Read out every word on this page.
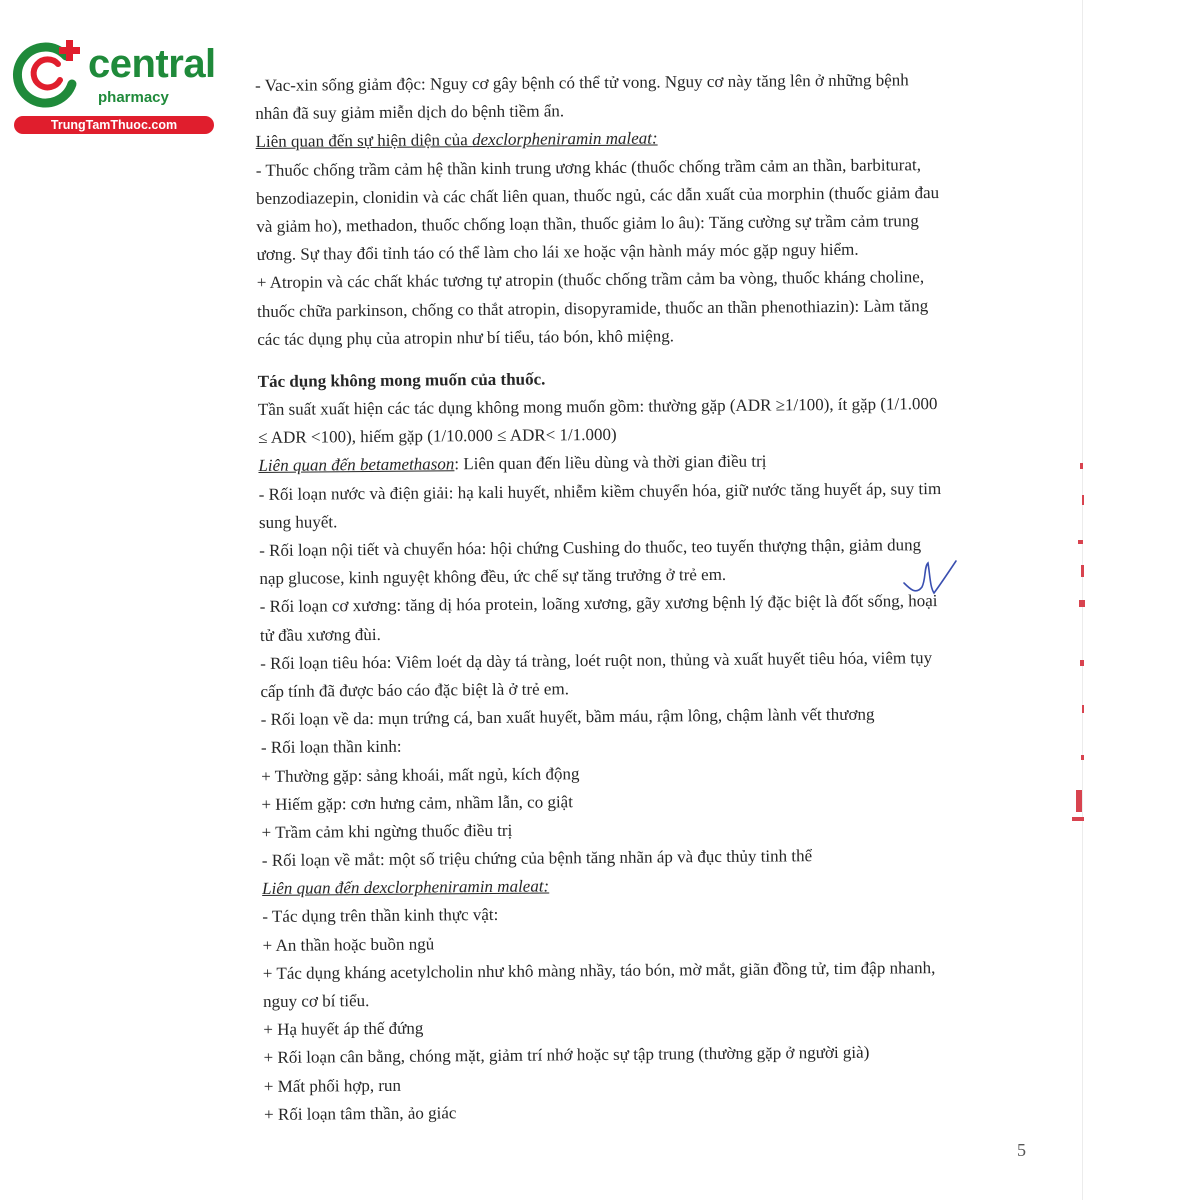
central
pharmacy
TrungTamThuoc.com
- Vac-xin sống giảm độc: Nguy cơ gây bệnh có thể tử vong. Nguy cơ này tăng lên ở những bệnh
nhân đã suy giảm miễn dịch do bệnh tiềm ẩn.
Liên quan đến sự hiện diện của dexclorpheniramin maleat:
- Thuốc chống trầm cảm hệ thần kinh trung ương khác (thuốc chống trầm cảm an thần, barbiturat,
benzodiazepin, clonidin và các chất liên quan, thuốc ngủ, các dẫn xuất của morphin (thuốc giảm đau
và giảm ho), methadon, thuốc chống loạn thần, thuốc giảm lo âu): Tăng cường sự trầm cảm trung
ương. Sự thay đổi tỉnh táo có thể làm cho lái xe hoặc vận hành máy móc gặp nguy hiểm.
+ Atropin và các chất khác tương tự atropin (thuốc chống trầm cảm ba vòng, thuốc kháng choline,
thuốc chữa parkinson, chống co thắt atropin, disopyramide, thuốc an thần phenothiazin): Làm tăng
các tác dụng phụ của atropin như bí tiểu, táo bón, khô miệng.
Tác dụng không mong muốn của thuốc.
Tần suất xuất hiện các tác dụng không mong muốn gồm: thường gặp (ADR ≥1/100), ít gặp (1/1.000
≤ ADR <100), hiếm gặp (1/10.000 ≤ ADR< 1/1.000)
Liên quan đến betamethason: Liên quan đến liều dùng và thời gian điều trị
- Rối loạn nước và điện giải: hạ kali huyết, nhiễm kiềm chuyển hóa, giữ nước tăng huyết áp, suy tim
sung huyết.
- Rối loạn nội tiết và chuyển hóa: hội chứng Cushing do thuốc, teo tuyến thượng thận, giảm dung
nạp glucose, kinh nguyệt không đều, ức chế sự tăng trưởng ở trẻ em.
- Rối loạn cơ xương: tăng dị hóa protein, loãng xương, gãy xương bệnh lý đặc biệt là đốt sống, hoại
tử đầu xương đùi.
- Rối loạn tiêu hóa: Viêm loét dạ dày tá tràng, loét ruột non, thủng và xuất huyết tiêu hóa, viêm tụy
cấp tính đã được báo cáo đặc biệt là ở trẻ em.
- Rối loạn về da: mụn trứng cá, ban xuất huyết, bầm máu, rậm lông, chậm lành vết thương
- Rối loạn thần kinh:
+ Thường gặp: sảng khoái, mất ngủ, kích động
+ Hiếm gặp: cơn hưng cảm, nhầm lẫn, co giật
+ Trầm cảm khi ngừng thuốc điều trị
- Rối loạn về mắt: một số triệu chứng của bệnh tăng nhãn áp và đục thủy tinh thể
Liên quan đến dexclorpheniramin maleat:
- Tác dụng trên thần kinh thực vật:
+ An thần hoặc buồn ngủ
+ Tác dụng kháng acetylcholin như khô màng nhầy, táo bón, mờ mắt, giãn đồng tử, tim đập nhanh,
nguy cơ bí tiểu.
+ Hạ huyết áp thế đứng
+ Rối loạn cân bằng, chóng mặt, giảm trí nhớ hoặc sự tập trung (thường gặp ở người già)
+ Mất phối hợp, run
+ Rối loạn tâm thần, ảo giác
5
